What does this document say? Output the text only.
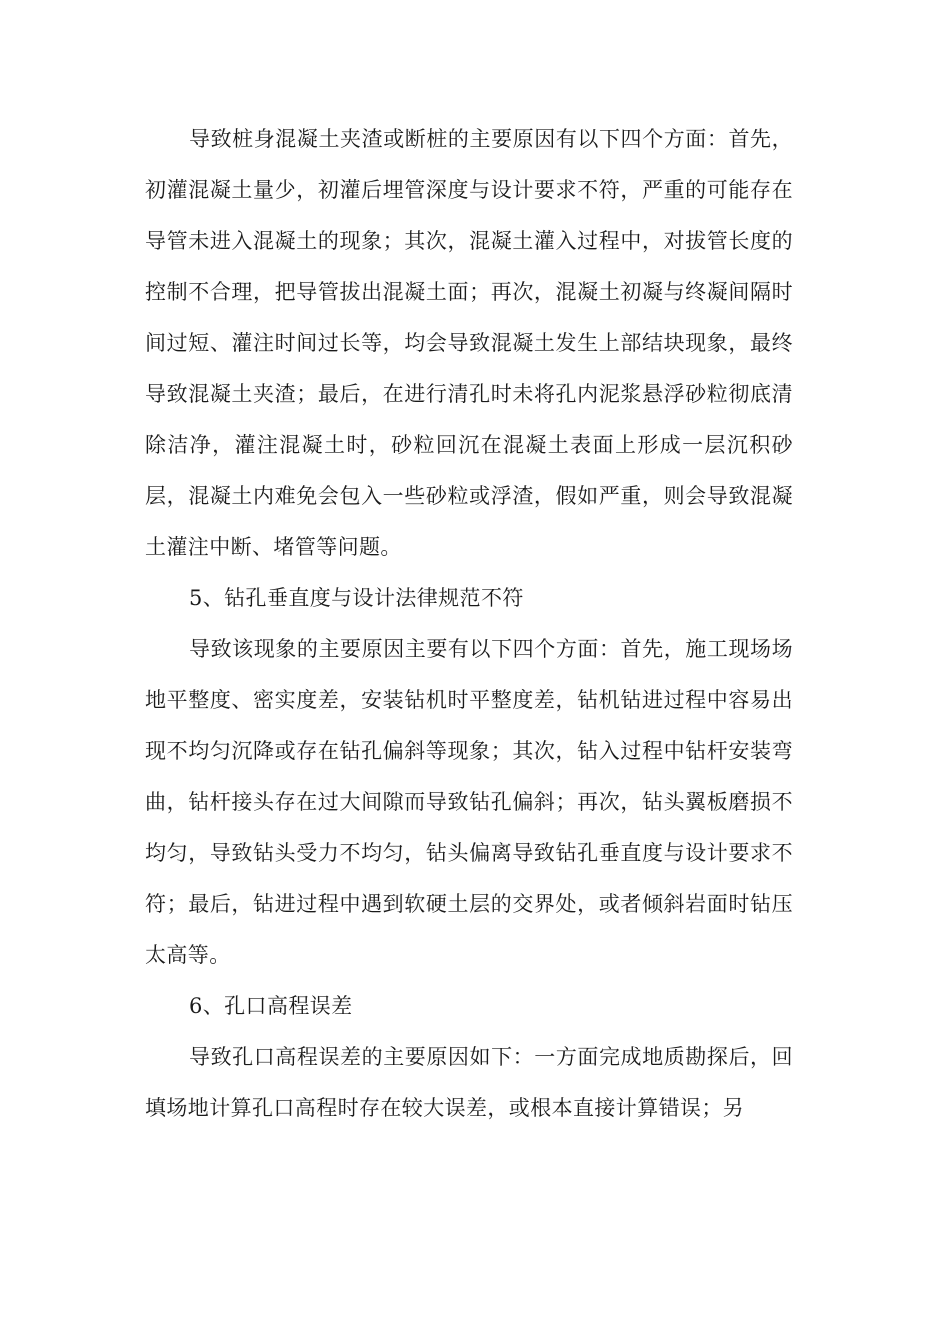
导致桩身混凝土夹渣或断桩的主要原因有以下四个方面：首先，初灌混凝土量少，初灌后埋管深度与设计要求不符，严重的可能存在导管未进入混凝土的现象；其次，混凝土灌入过程中，对拔管长度的控制不合理，把导管拔出混凝土面；再次，混凝土初凝与终凝间隔时间过短、灌注时间过长等，均会导致混凝土发生上部结块现象，最终导致混凝土夹渣；最后，在进行清孔时未将孔内泥浆悬浮砂粒彻底清除洁净，灌注混凝土时，砂粒回沉在混凝土表面上形成一层沉积砂层，混凝土内难免会包入一些砂粒或浮渣，假如严重，则会导致混凝土灌注中断、堵管等问题。

5、钻孔垂直度与设计法律规范不符

导致该现象的主要原因主要有以下四个方面：首先，施工现场场地平整度、密实度差，安装钻机时平整度差，钻机钻进过程中容易出现不均匀沉降或存在钻孔偏斜等现象；其次，钻入过程中钻杆安装弯曲，钻杆接头存在过大间隙而导致钻孔偏斜；再次，钻头翼板磨损不均匀，导致钻头受力不均匀，钻头偏离导致钻孔垂直度与设计要求不符；最后，钻进过程中遇到软硬土层的交界处，或者倾斜岩面时钻压太高等。

6、孔口高程误差

导致孔口高程误差的主要原因如下：一方面完成地质勘探后，回填场地计算孔口高程时存在较大误差，或根本直接计算错误；另
